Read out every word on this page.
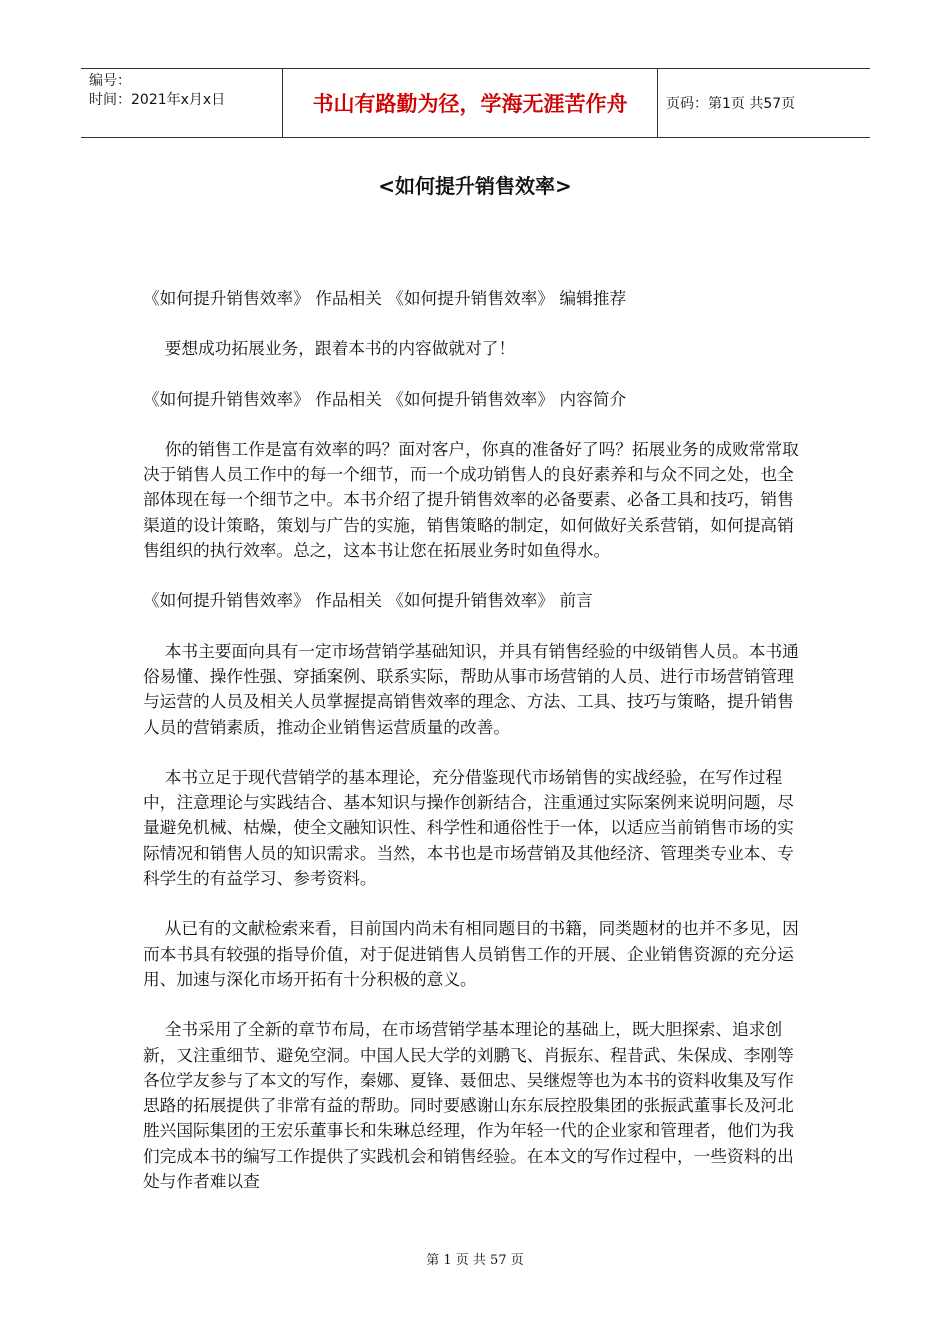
编号：
时间：2021年x月x日	书山有路勤为径，学海无涯苦作舟	页码：第1页 共57页
<如何提升销售效率>

《如何提升销售效率》 作品相关 《如何提升销售效率》 编辑推荐

要想成功拓展业务，跟着本书的内容做就对了！

《如何提升销售效率》 作品相关 《如何提升销售效率》 内容简介

你的销售工作是富有效率的吗？面对客户，你真的准备好了吗？拓展业务的成败常常取决于销售人员工作中的每一个细节，而一个成功销售人的良好素养和与众不同之处，也全部体现在每一个细节之中。本书介绍了提升销售效率的必备要素、必备工具和技巧，销售渠道的设计策略，策划与广告的实施，销售策略的制定，如何做好关系营销，如何提高销售组织的执行效率。总之，这本书让您在拓展业务时如鱼得水。

《如何提升销售效率》 作品相关 《如何提升销售效率》 前言

本书主要面向具有一定市场营销学基础知识，并具有销售经验的中级销售人员。本书通俗易懂、操作性强、穿插案例、联系实际，帮助从事市场营销的人员、进行市场营销管理与运营的人员及相关人员掌握提高销售效率的理念、方法、工具、技巧与策略，提升销售人员的营销素质，推动企业销售运营质量的改善。

本书立足于现代营销学的基本理论，充分借鉴现代市场销售的实战经验，在写作过程中，注意理论与实践结合、基本知识与操作创新结合，注重通过实际案例来说明问题，尽量避免机械、枯燥，使全文融知识性、科学性和通俗性于一体，以适应当前销售市场的实际情况和销售人员的知识需求。当然，本书也是市场营销及其他经济、管理类专业本、专科学生的有益学习、参考资料。

从已有的文献检索来看，目前国内尚未有相同题目的书籍，同类题材的也并不多见，因而本书具有较强的指导价值，对于促进销售人员销售工作的开展、企业销售资源的充分运用、加速与深化市场开拓有十分积极的意义。

全书采用了全新的章节布局，在市场营销学基本理论的基础上，既大胆探索、追求创新，又注重细节、避免空洞。中国人民大学的刘鹏飞、肖振东、程昔武、朱保成、李刚等各位学友参与了本文的写作，秦娜、夏锋、聂佃忠、吴继煜等也为本书的资料收集及写作思路的拓展提供了非常有益的帮助。同时要感谢山东东辰控股集团的张振武董事长及河北胜兴国际集团的王宏乐董事长和朱琳总经理，作为年轻一代的企业家和管理者，他们为我们完成本书的编写工作提供了实践机会和销售经验。在本文的写作过程中，一些资料的出处与作者难以查

第 1 页 共 57 页
